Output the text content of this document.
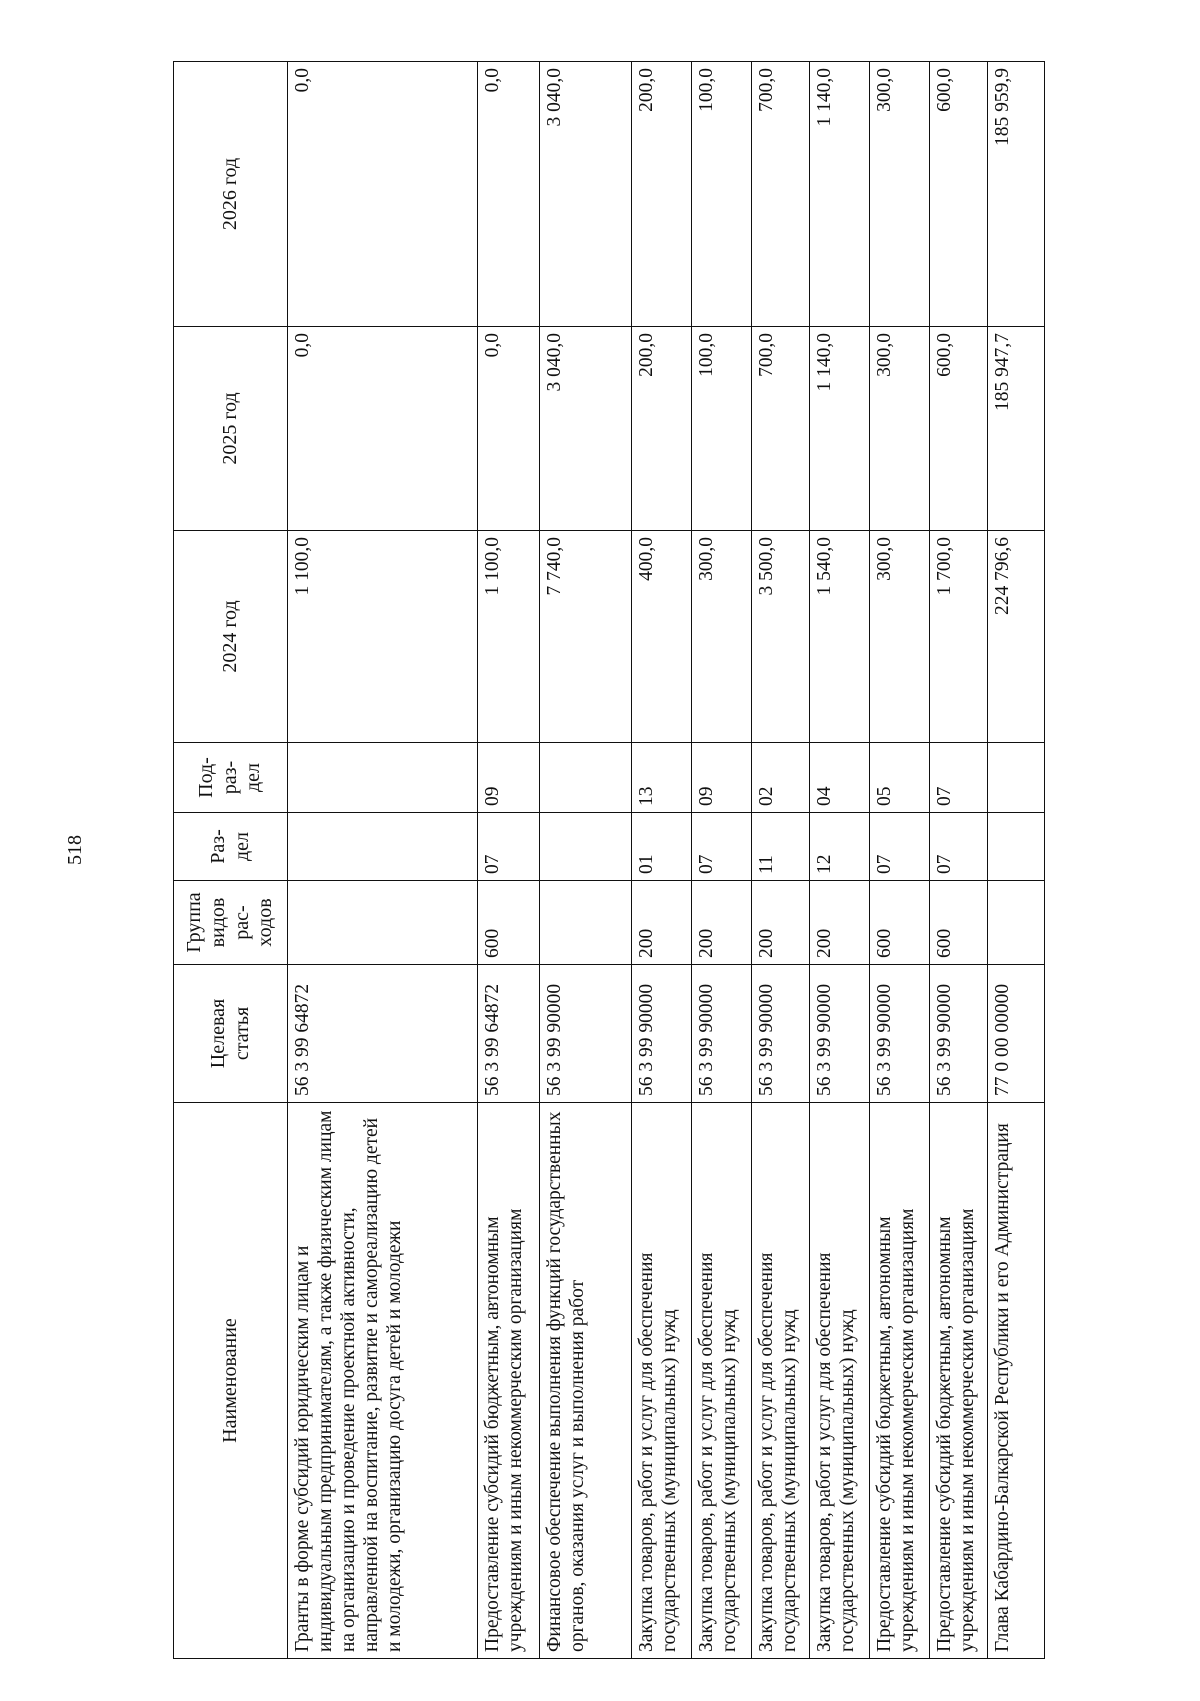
518
Наименование	Целевая статья	Группа видов рас-ходов	Раз-дел	Под-раз-дел	2024 год	2025 год	2026 год
Гранты в форме субсидий юридическим лицам и индивидуальным предпринимателям, а также физическим лицам на организацию и проведение проектной активности, направленной на воспитание, развитие и самореализацию детей и молодежи, организацию досуга детей и молодежи	56 3 99 64872				1 100,0	0,0	0,0
Предоставление субсидий бюджетным, автономным учреждениям и иным некоммерческим организациям	56 3 99 64872	600	07	09	1 100,0	0,0	0,0
Финансовое обеспечение выполнения функций государственных органов, оказания услуг и выполнения работ	56 3 99 90000				7 740,0	3 040,0	3 040,0
Закупка товаров, работ и услуг для обеспечения государственных (муниципальных) нужд	56 3 99 90000	200	01	13	400,0	200,0	200,0
Закупка товаров, работ и услуг для обеспечения государственных (муниципальных) нужд	56 3 99 90000	200	07	09	300,0	100,0	100,0
Закупка товаров, работ и услуг для обеспечения государственных (муниципальных) нужд	56 3 99 90000	200	11	02	3 500,0	700,0	700,0
Закупка товаров, работ и услуг для обеспечения государственных (муниципальных) нужд	56 3 99 90000	200	12	04	1 540,0	1 140,0	1 140,0
Предоставление субсидий бюджетным, автономным учреждениям и иным некоммерческим организациям	56 3 99 90000	600	07	05	300,0	300,0	300,0
Предоставление субсидий бюджетным, автономным учреждениям и иным некоммерческим организациям	56 3 99 90000	600	07	07	1 700,0	600,0	600,0
Глава Кабардино-Балкарской Республики и его Администрация	77 0 00 00000				224 796,6	185 947,7	185 959,9
